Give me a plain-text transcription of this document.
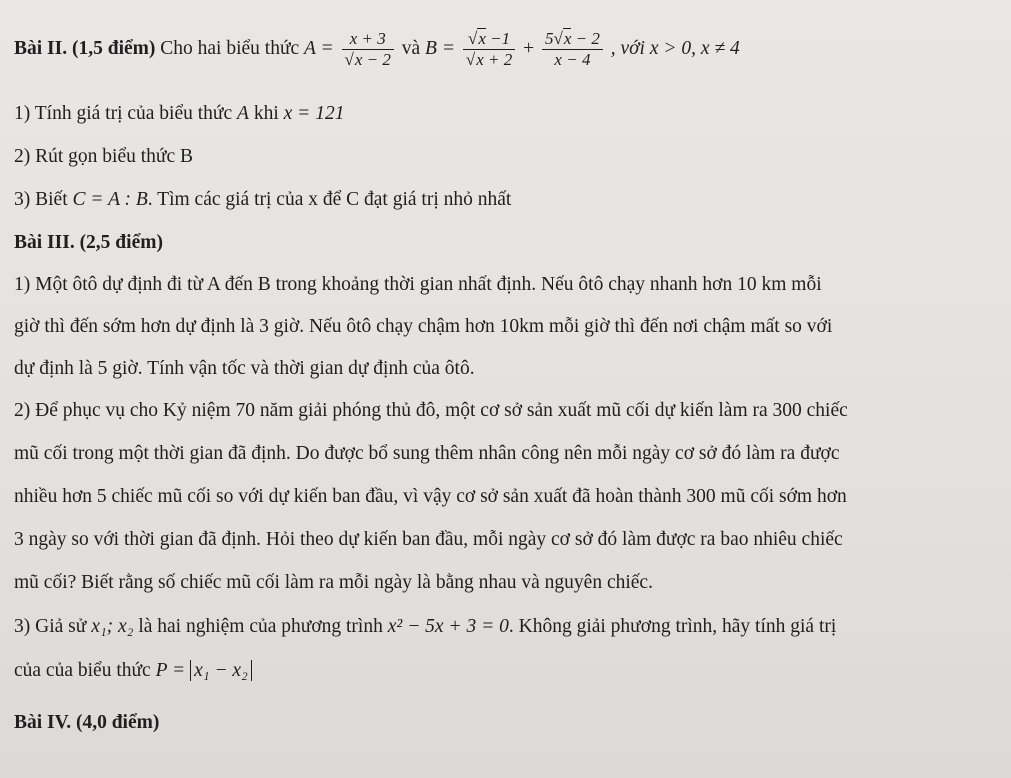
Bài II. (1,5 điểm) Cho hai biểu thức $A = \frac{x + 3}{√x - 2}$ và $B = \frac{√x -1}{√x + 2} + \frac{5√x - 2}{x - 4}$ , với x > 0, x ≠ 4
1) Tính giá trị của biểu thức A khi x = 121
2) Rút gọn biểu thức B
3) Biết C = A : B. Tìm các giá trị của x để C đạt giá trị nhỏ nhất
Bài III. (2,5 điểm)
1) Một ôtô dự định đi từ A đến B trong khoảng thời gian nhất định. Nếu ôtô chạy nhanh hơn 10 km mỗi
giờ thì đến sớm hơn dự định là 3 giờ. Nếu ôtô chạy chậm hơn 10km mỗi giờ thì đến nơi chậm mất so với
dự định là 5 giờ. Tính vận tốc và thời gian dự định của ôtô.
2) Để phục vụ cho Kỷ niệm 70 năm giải phóng thủ đô, một cơ sở sản xuất mũ cối dự kiến làm ra 300 chiếc
mũ cối trong một thời gian đã định. Do được bổ sung thêm nhân công nên mỗi ngày cơ sở đó làm ra được
nhiều hơn 5 chiếc mũ cối so với dự kiến ban đầu, vì vậy cơ sở sản xuất đã hoàn thành 300 mũ cối sớm hơn
3 ngày so với thời gian đã định. Hỏi theo dự kiến ban đầu, mỗi ngày cơ sở đó làm được ra bao nhiêu chiếc
mũ cối? Biết rằng số chiếc mũ cối làm ra mỗi ngày là bằng nhau và nguyên chiếc.
3) Giả sử x₁; x₂ là hai nghiệm của phương trình x² − 5x + 3 = 0. Không giải phương trình, hãy tính giá trị
của của biểu thức P = x₁ − x₂
Bài IV. (4,0 điểm)
